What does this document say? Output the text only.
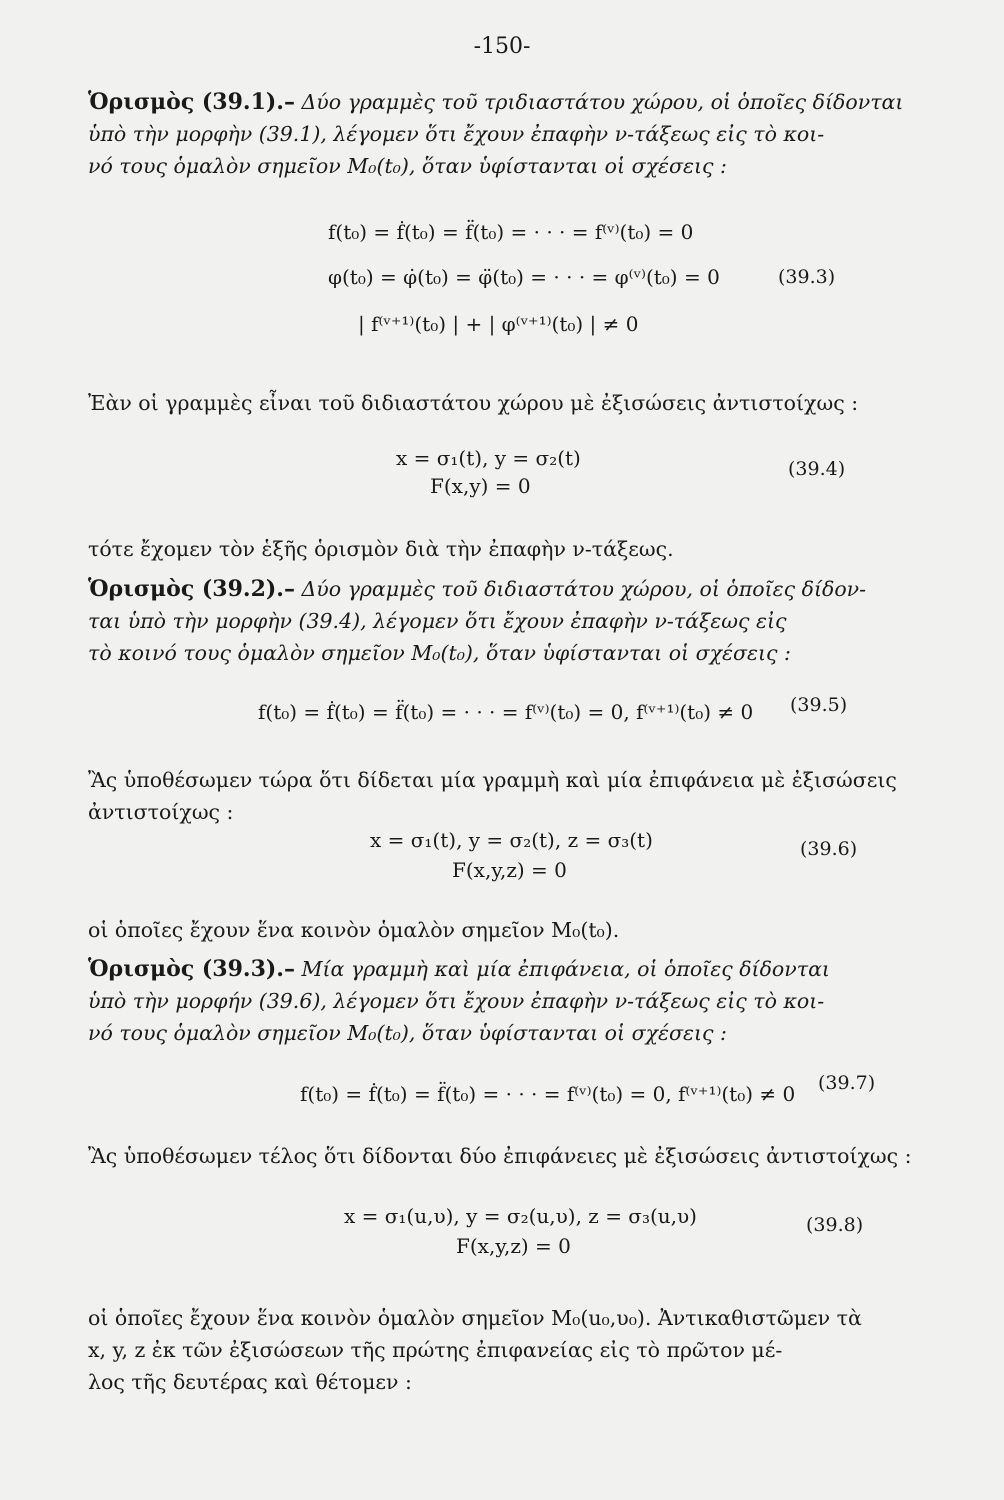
-150-
Ὁρισμὸς (39.1).– Δύο γραμμὲς τοῦ τριδιαστάτου χώρου, οἱ ὁποῖες δίδονται
ὑπὸ τὴν μορφὴν (39.1), λέγομεν ὅτι ἔχουν ἐπαφὴν ν-τάξεως εἰς τὸ κοι-
νό τους ὁμαλὸν σημεῖον M₀(t₀), ὅταν ὑφίστανται οἱ σχέσεις :
f(t₀) = ḟ(t₀) = f̈(t₀) = · · · = f⁽ᵛ⁾(t₀) = 0
φ(t₀) = φ̇(t₀) = φ̈(t₀) = · · · = φ⁽ᵛ⁾(t₀) = 0
| f⁽ᵛ⁺¹⁾(t₀) | + | φ⁽ᵛ⁺¹⁾(t₀) | ≠ 0
(39.3)
Ἐὰν οἱ γραμμὲς εἶναι τοῦ διδιαστάτου χώρου μὲ ἐξισώσεις ἀντιστοίχως :
x = σ₁(t), y = σ₂(t)
F(x,y) = 0
(39.4)
τότε ἔχομεν τὸν ἑξῆς ὁρισμὸν διὰ τὴν ἐπαφὴν ν-τάξεως.
Ὁρισμὸς (39.2).– Δύο γραμμὲς τοῦ διδιαστάτου χώρου, οἱ ὁποῖες δίδον-
ται ὑπὸ τὴν μορφὴν (39.4), λέγομεν ὅτι ἔχουν ἐπαφὴν ν-τάξεως εἰς
τὸ κοινό τους ὁμαλὸν σημεῖον M₀(t₀), ὅταν ὑφίστανται οἱ σχέσεις :
f(t₀) = ḟ(t₀) = f̈(t₀) = · · · = f⁽ᵛ⁾(t₀) = 0, f⁽ᵛ⁺¹⁾(t₀) ≠ 0 (39.5)
Ἂς ὑποθέσωμεν τώρα ὅτι δίδεται μία γραμμὴ καὶ μία ἐπιφάνεια μὲ ἐξισώσεις
ἀντιστοίχως :
x = σ₁(t), y = σ₂(t), z = σ₃(t)
F(x,y,z) = 0
(39.6)
οἱ ὁποῖες ἔχουν ἕνα κοινὸν ὁμαλὸν σημεῖον M₀(t₀).
Ὁρισμὸς (39.3).– Μία γραμμὴ καὶ μία ἐπιφάνεια, οἱ ὁποῖες δίδονται
ὑπὸ τὴν μορφήν (39.6), λέγομεν ὅτι ἔχουν ἐπαφὴν ν-τάξεως εἰς τὸ κοι-
νό τους ὁμαλὸν σημεῖον M₀(t₀), ὅταν ὑφίστανται οἱ σχέσεις :
f(t₀) = ḟ(t₀) = f̈(t₀) = · · · = f⁽ᵛ⁾(t₀) = 0, f⁽ᵛ⁺¹⁾(t₀) ≠ 0 (39.7)
Ἂς ὑποθέσωμεν τέλος ὅτι δίδονται δύο ἐπιφάνειες μὲ ἐξισώσεις ἀντιστοίχως :
x = σ₁(u,υ), y = σ₂(u,υ), z = σ₃(u,υ)
F(x,y,z) = 0
(39.8)
οἱ ὁποῖες ἔχουν ἕνα κοινὸν ὁμαλὸν σημεῖον M₀(u₀,υ₀). Ἀντικαθιστῶμεν τὰ
x, y, z ἐκ τῶν ἐξισώσεων τῆς πρώτης ἐπιφανείας εἰς τὸ πρῶτον μέ-
λος τῆς δευτέρας καὶ θέτομεν :
